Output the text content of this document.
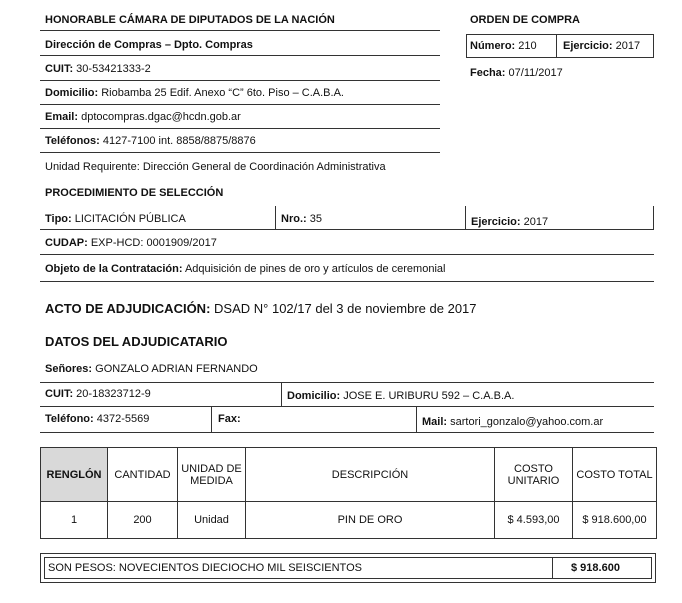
HONORABLE CÁMARA DE DIPUTADOS DE LA NACIÓN
Dirección de Compras – Dpto. Compras
CUIT: 30-53421333-2
Domicilio: Riobamba 25 Edif. Anexo “C” 6to. Piso – C.A.B.A.
Email: dptocompras.dgac@hcdn.gob.ar
Teléfonos: 4127-7100 int. 8858/8875/8876
Unidad Requirente: Dirección General de Coordinación Administrativa
ORDEN DE COMPRA
Número: 210 Ejercicio: 2017
Fecha: 07/11/2017
PROCEDIMIENTO DE SELECCIÓN
Tipo: LICITACIÓN PÚBLICA	Nro.: 35	Ejercicio: 2017
CUDAP: EXP-HCD: 0001909/2017
Objeto de la Contratación: Adquisición de pines de oro y artículos de ceremonial
ACTO DE ADJUDICACIÓN: DSAD N° 102/17 del 3 de noviembre de 2017
DATOS DEL ADJUDICATARIO
Señores: GONZALO ADRIAN FERNANDO
CUIT: 20-18323712-9	Domicilio: JOSE E. URIBURU 592 – C.A.B.A.
Teléfono: 4372-5569	Fax:	Mail: sartori_gonzalo@yahoo.com.ar
RENGLÓN	CANTIDAD	UNIDAD DE MEDIDA	DESCRIPCIÓN	COSTO UNITARIO	COSTO TOTAL
1	200	Unidad	PIN DE ORO	$ 4.593,00	$ 918.600,00
SON PESOS: NOVECIENTOS DIECIOCHO MIL SEISCIENTOS	$ 918.600
